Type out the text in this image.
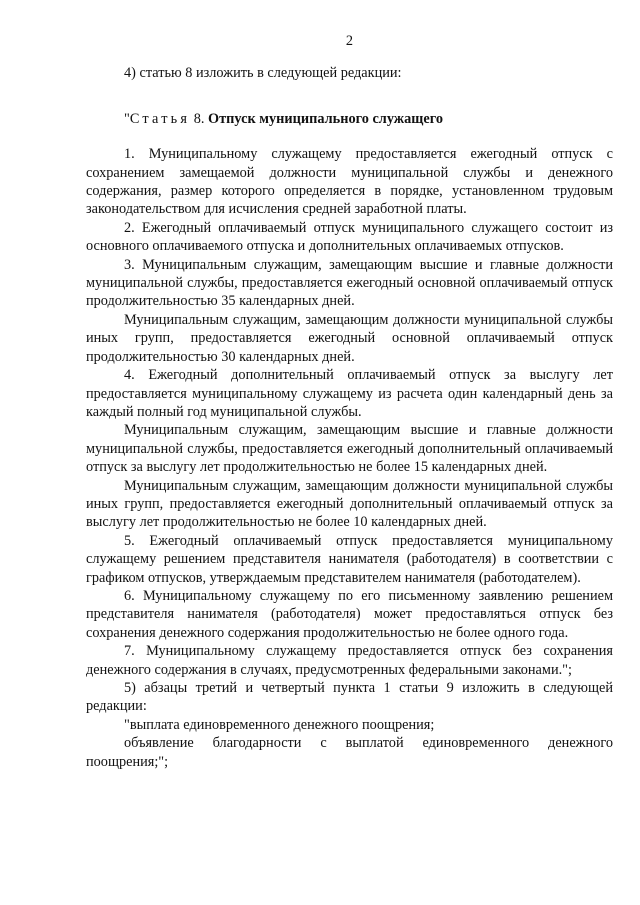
2

4) статью 8 изложить в следующей редакции:

"Статья 8. Отпуск муниципального служащего

1. Муниципальному служащему предоставляется ежегодный отпуск с сохранением замещаемой должности муниципальной службы и денежного содержания, размер которого определяется в порядке, установленном трудовым законодательством для исчисления средней заработной платы.

2. Ежегодный оплачиваемый отпуск муниципального служащего состоит из основного оплачиваемого отпуска и дополнительных оплачиваемых отпусков.

3. Муниципальным служащим, замещающим высшие и главные должности муниципальной службы, предоставляется ежегодный основной оплачиваемый отпуск продолжительностью 35 календарных дней.

Муниципальным служащим, замещающим должности муниципальной службы иных групп, предоставляется ежегодный основной оплачиваемый отпуск продолжительностью 30 календарных дней.

4. Ежегодный дополнительный оплачиваемый отпуск за выслугу лет предоставляется муниципальному служащему из расчета один календарный день за каждый полный год муниципальной службы.

Муниципальным служащим, замещающим высшие и главные должности муниципальной службы, предоставляется ежегодный дополнительный оплачиваемый отпуск за выслугу лет продолжительностью не более 15 календарных дней.

Муниципальным служащим, замещающим должности муниципальной службы иных групп, предоставляется ежегодный дополнительный оплачиваемый отпуск за выслугу лет продолжительностью не более 10 календарных дней.

5. Ежегодный оплачиваемый отпуск предоставляется муниципальному служащему решением представителя нанимателя (работодателя) в соответствии с графиком отпусков, утверждаемым представителем нанимателя (работодателем).

6. Муниципальному служащему по его письменному заявлению решением представителя нанимателя (работодателя) может предоставляться отпуск без сохранения денежного содержания продолжительностью не более одного года.

7. Муниципальному служащему предоставляется отпуск без сохранения денежного содержания в случаях, предусмотренных федеральными законами.";

5) абзацы третий и четвертый пункта 1 статьи 9 изложить в следующей редакции:

"выплата единовременного денежного поощрения;

объявление благодарности с выплатой единовременного денежного поощрения;";
